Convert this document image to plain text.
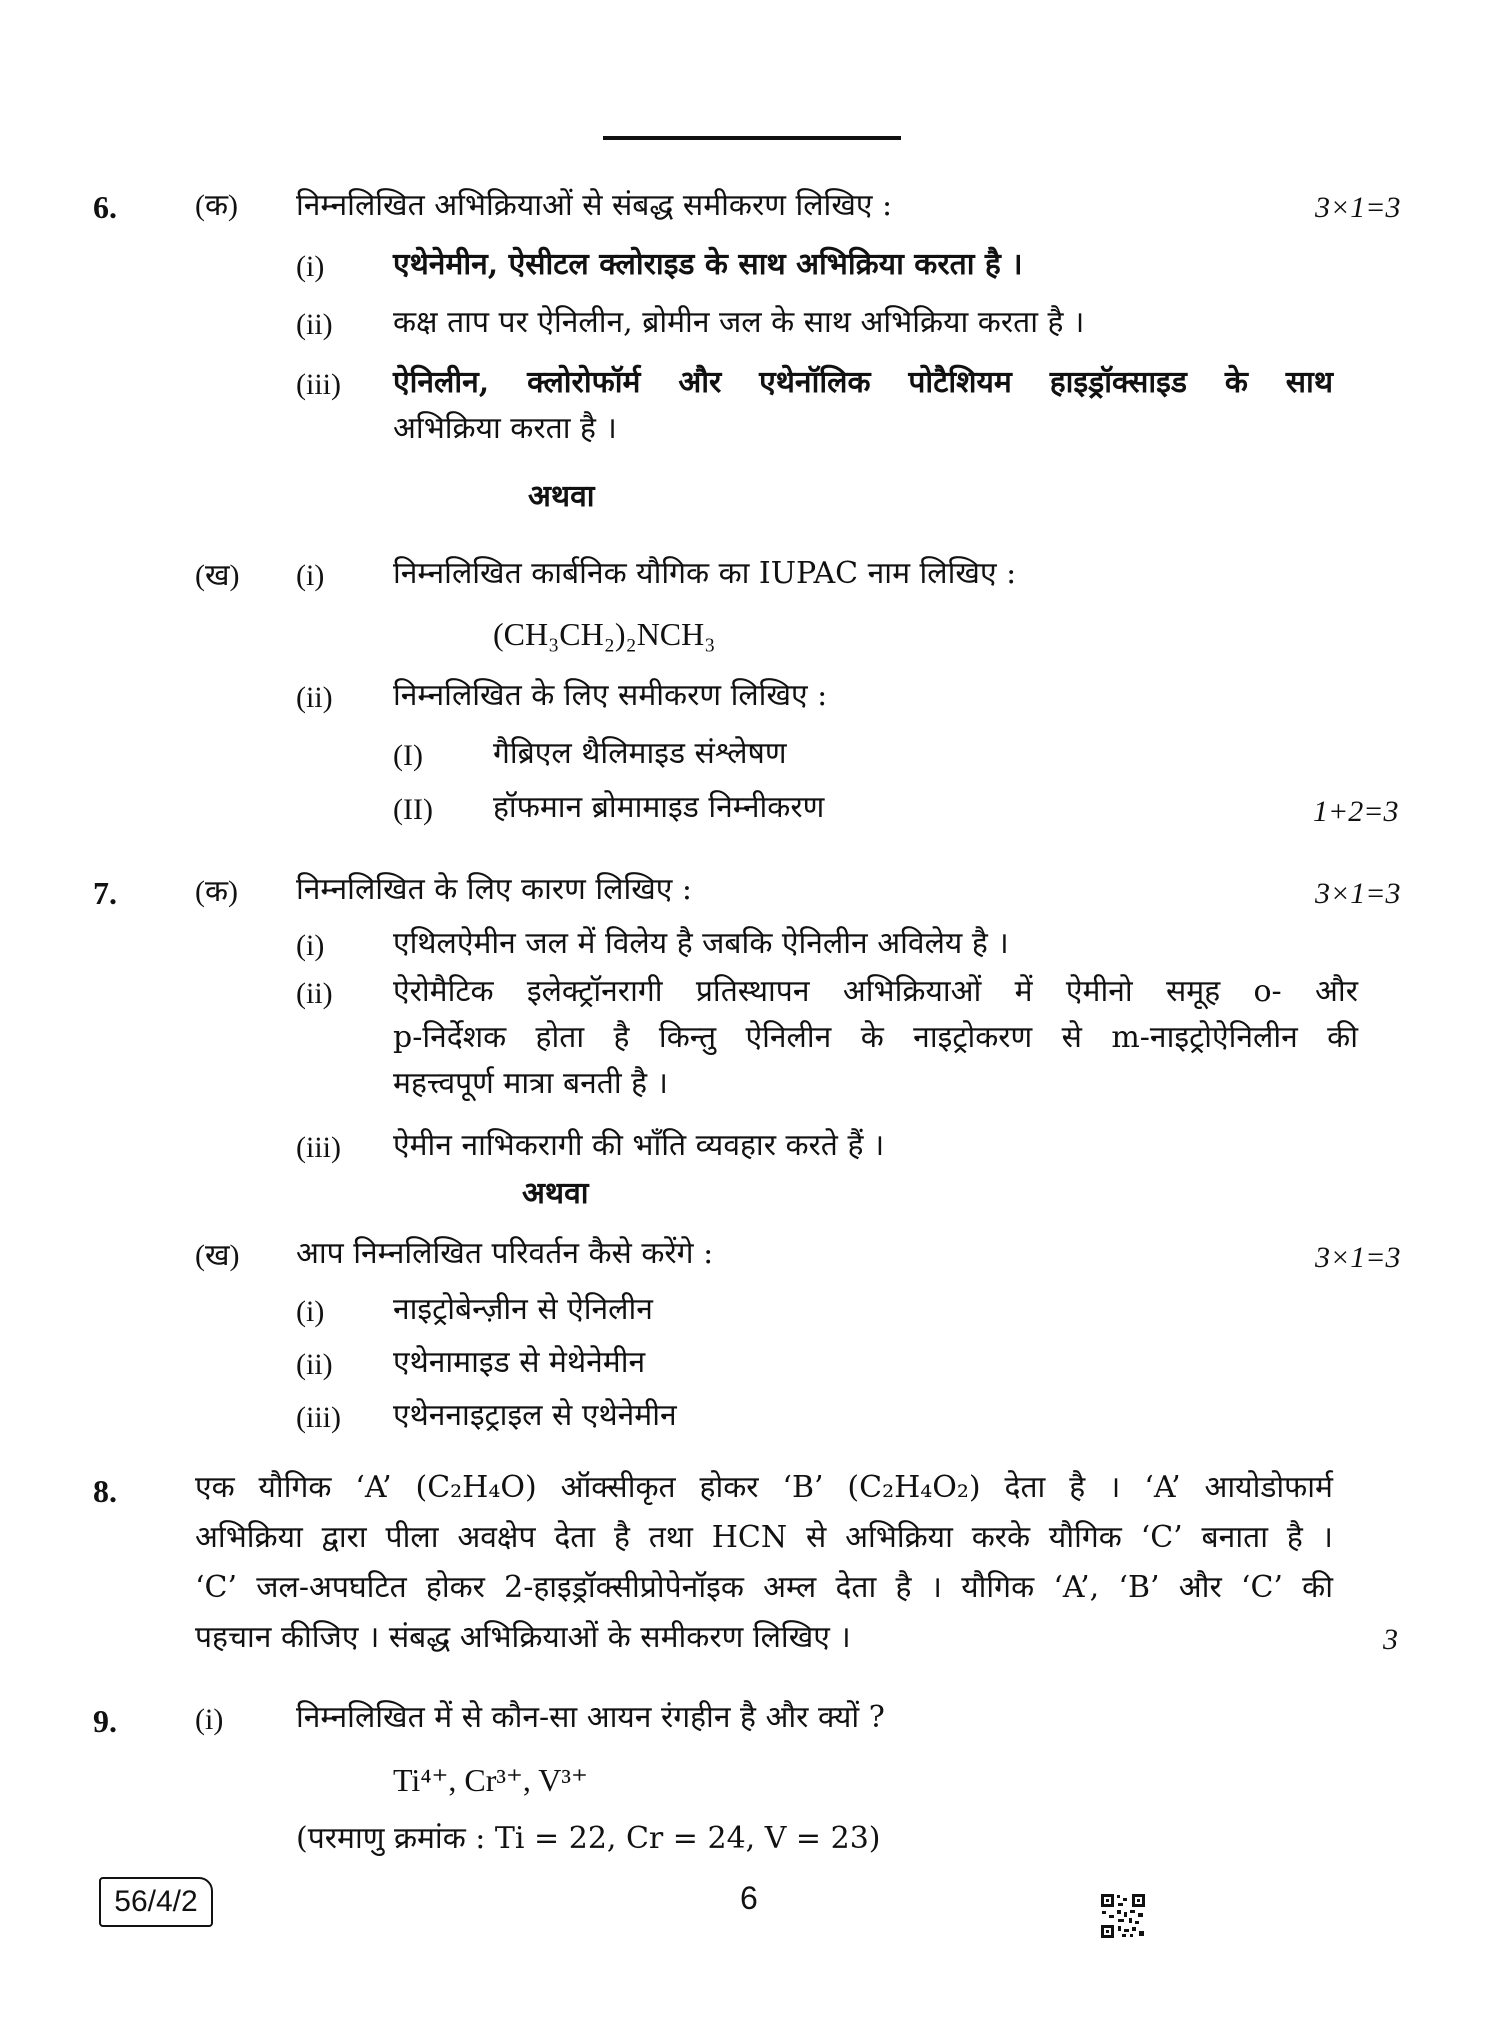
6.	(क) निम्नलिखित अभिक्रियाओं से संबद्ध समीकरण लिखिए :	3×1=3
(i) एथेनेमीन, ऐसीटल क्लोराइड के साथ अभिक्रिया करता है ।
(ii) कक्ष ताप पर ऐनिलीन, ब्रोमीन जल के साथ अभिक्रिया करता है ।
(iii) ऐनिलीन, क्लोरोफॉर्म और एथेनॉलिक पोटैशियम हाइड्रॉक्साइड के साथ
अभिक्रिया करता है ।
अथवा
(ख) (i) निम्नलिखित कार्बनिक यौगिक का IUPAC नाम लिखिए :
(CH₃CH₂)₂NCH₃
(ii) निम्नलिखित के लिए समीकरण लिखिए :
(I) गैब्रिएल थैलिमाइड संश्लेषण
(II) हॉफमान ब्रोमामाइड निम्नीकरण	1+2=3
7.	(क) निम्नलिखित के लिए कारण लिखिए :	3×1=3
(i) एथिलऐमीन जल में विलेय है जबकि ऐनिलीन अविलेय है ।
(ii) ऐरोमैटिक इलेक्ट्रॉनरागी प्रतिस्थापन अभिक्रियाओं में ऐमीनो समूह o- और
p-निर्देशक होता है किन्तु ऐनिलीन के नाइट्रोकरण से m-नाइट्रोऐनिलीन की
महत्त्वपूर्ण मात्रा बनती है ।
(iii) ऐमीन नाभिकरागी की भाँति व्यवहार करते हैं ।
अथवा
(ख) आप निम्नलिखित परिवर्तन कैसे करेंगे :	3×1=3
(i) नाइट्रोबेन्ज़ीन से ऐनिलीन
(ii) एथेनामाइड से मेथेनेमीन
(iii) एथेननाइट्राइल से एथेनेमीन
8.	एक यौगिक ‘A’ (C₂H₄O) ऑक्सीकृत होकर ‘B’ (C₂H₄O₂) देता है । ‘A’ आयोडोफार्म
अभिक्रिया द्वारा पीला अवक्षेप देता है तथा HCN से अभिक्रिया करके यौगिक ‘C’ बनाता है ।
‘C’ जल-अपघटित होकर 2-हाइड्रॉक्सीप्रोपेनॉइक अम्ल देता है । यौगिक ‘A’, ‘B’ और ‘C’ की
पहचान कीजिए । संबद्ध अभिक्रियाओं के समीकरण लिखिए ।	3
9.	(i) निम्नलिखित में से कौन-सा आयन रंगहीन है और क्यों ?
Ti⁴⁺, Cr³⁺, V³⁺
(परमाणु क्रमांक : Ti = 22, Cr = 24, V = 23)
56/4/2	6
